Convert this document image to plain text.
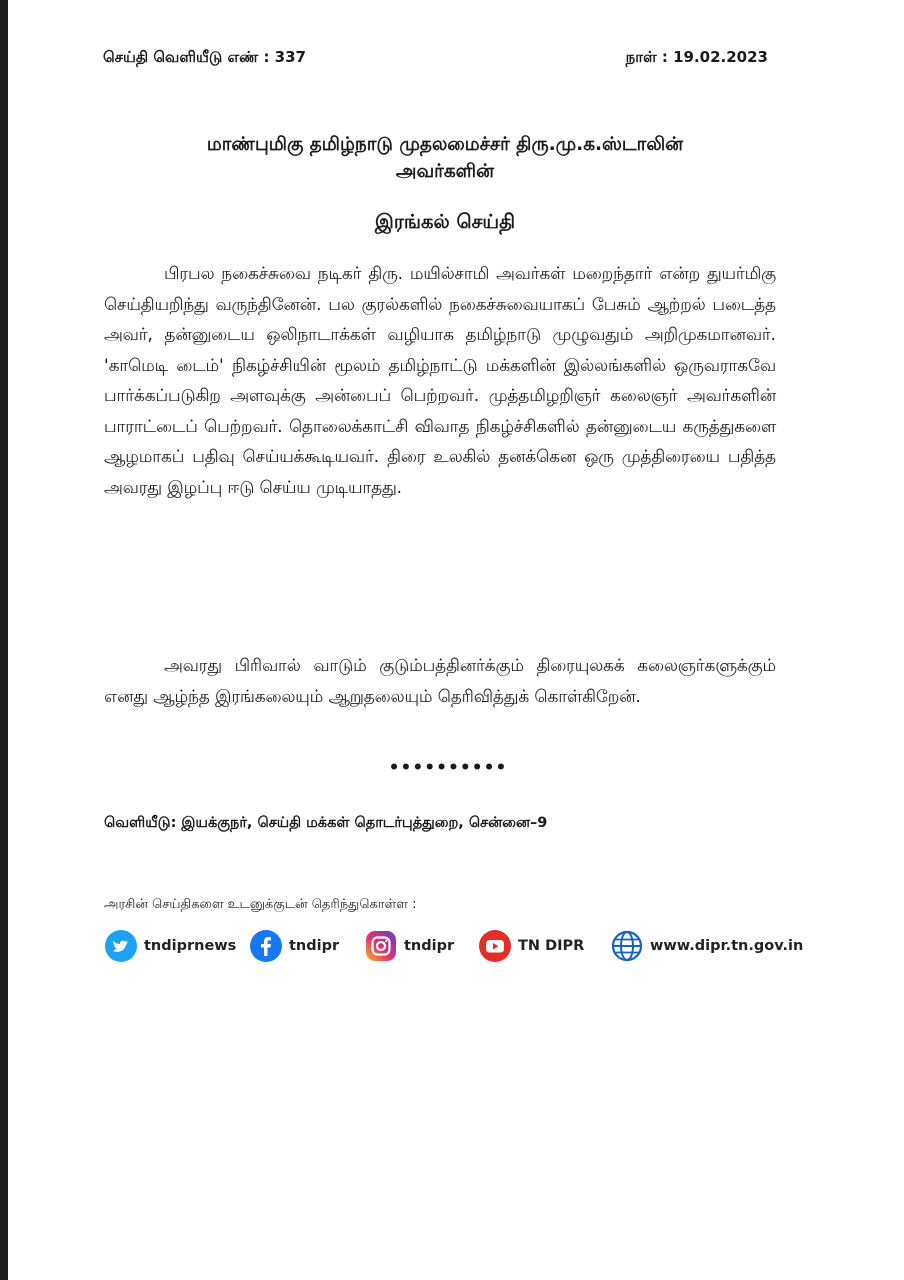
செய்தி வெளியீடு எண் : 337	நாள் : 19.02.2023
மாண்புமிகு தமிழ்நாடு முதலமைச்சர் திரு.மு.க.ஸ்டாலின்
அவர்களின்
இரங்கல் செய்தி

பிரபல நகைச்சுவை நடிகர் திரு. மயில்சாமி அவர்கள் மறைந்தார் என்ற துயர்மிகு செய்தியறிந்து வருந்தினேன். பல குரல்களில் நகைச்சுவையாகப் பேசும் ஆற்றல் படைத்த அவர், தன்னுடைய ஒலிநாடாக்கள் வழியாக தமிழ்நாடு முழுவதும் அறிமுகமானவர். 'காமெடி டைம்' நிகழ்ச்சியின் மூலம் தமிழ்நாட்டு மக்களின் இல்லங்களில் ஒருவராகவே பார்க்கப்படுகிற அளவுக்கு அன்பைப் பெற்றவர். முத்தமிழறிஞர் கலைஞர் அவர்களின் பாராட்டைப் பெற்றவர். தொலைக்காட்சி விவாத நிகழ்ச்சிகளில் தன்னுடைய கருத்துகளை ஆழமாகப் பதிவு செய்யக்கூடியவர். திரை உலகில் தனக்கென ஒரு முத்திரையை பதித்த அவரது இழப்பு ஈடு செய்ய முடியாதது.

அவரது பிரிவால் வாடும் குடும்பத்தினர்க்கும் திரையுலகக் கலைஞர்களுக்கும் எனது ஆழ்ந்த இரங்கலையும் ஆறுதலையும் தெரிவித்துக் கொள்கிறேன்.

••••••••••
வெளியீடு: இயக்குநர், செய்தி மக்கள் தொடர்புத்துறை, சென்னை–9
அரசின் செய்திகளை உடனுக்குடன் தெரிந்துகொள்ள :
tndiprnews	tndipr	tndipr	TN DIPR	www.dipr.tn.gov.in
